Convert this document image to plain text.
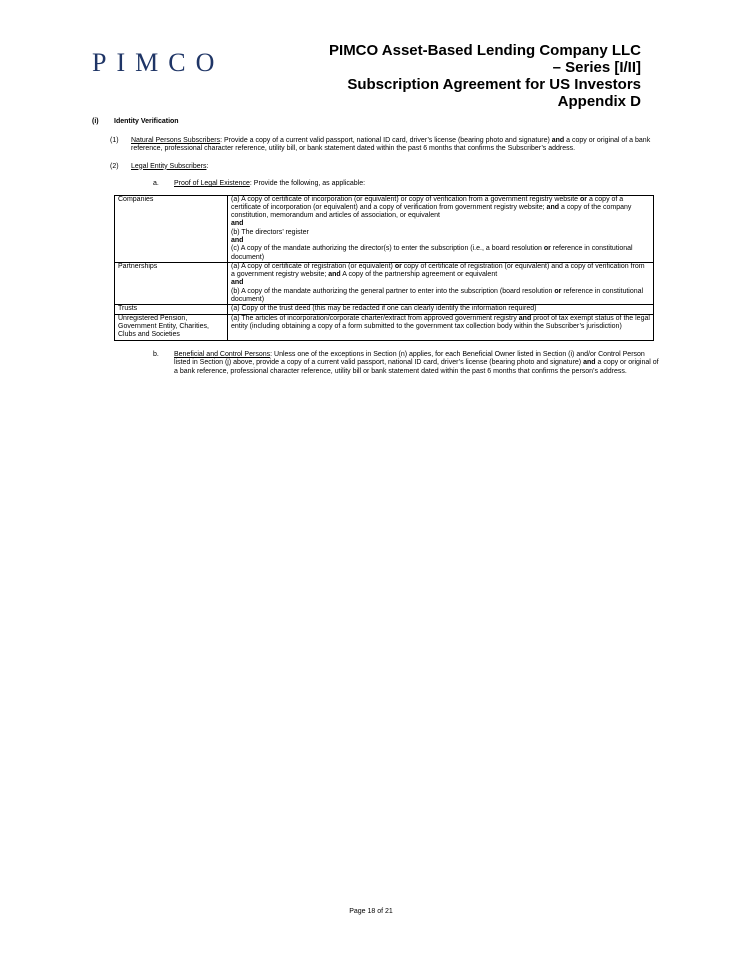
PIMCO	PIMCO Asset-Based Lending Company LLC
– Series [I/II]
Subscription Agreement for US Investors
Appendix D
(i)	Identity Verification
(1)	Natural Persons Subscribers: Provide a copy of a current valid passport, national ID card, driver’s license (bearing photo and signature) and a copy or original of a bank reference, professional character reference, utility bill, or bank statement dated within the past 6 months that confirms the Subscriber’s address.
(2)	Legal Entity Subscribers:
a.	Proof of Legal Existence: Provide the following, as applicable:
Companies	(a) A copy of certificate of incorporation (or equivalent) or copy of verification from a government registry website or a copy of a certificate of incorporation (or equivalent) and a copy of verification from government registry website; and a copy of the company constitution, memorandum and articles of association, or equivalent
and
(b) The directors’ register
and
(c) A copy of the mandate authorizing the director(s) to enter the subscription (i.e., a board resolution or reference in constitutional document)

Partnerships	(a) A copy of certificate of registration (or equivalent) or copy of certificate of registration (or equivalent) and a copy of verification from a government registry website; and A copy of the partnership agreement or equivalent
and
(b) A copy of the mandate authorizing the general partner to enter into the subscription (board resolution or reference in constitutional document)

Trusts	(a) Copy of the trust deed (this may be redacted if one can clearly identify the information required)
Unregistered Pension, Government Entity, Charities, Clubs and Societies	(a) The articles of incorporation/corporate charter/extract from approved government registry and proof of tax exempt status of the legal entity (including obtaining a copy of a form submitted to the government tax collection body within the Subscriber’s jurisdiction)
b.	Beneficial and Control Persons: Unless one of the exceptions in Section (n) applies, for each Beneficial Owner listed in Section (i) and/or Control Person listed in Section (j) above, provide a copy of a current valid passport, national ID card, driver’s license (bearing photo and signature) and a copy or original of a bank reference, professional character reference, utility bill or bank statement dated within the past 6 months that confirms the person’s address.
Page 18 of 21
